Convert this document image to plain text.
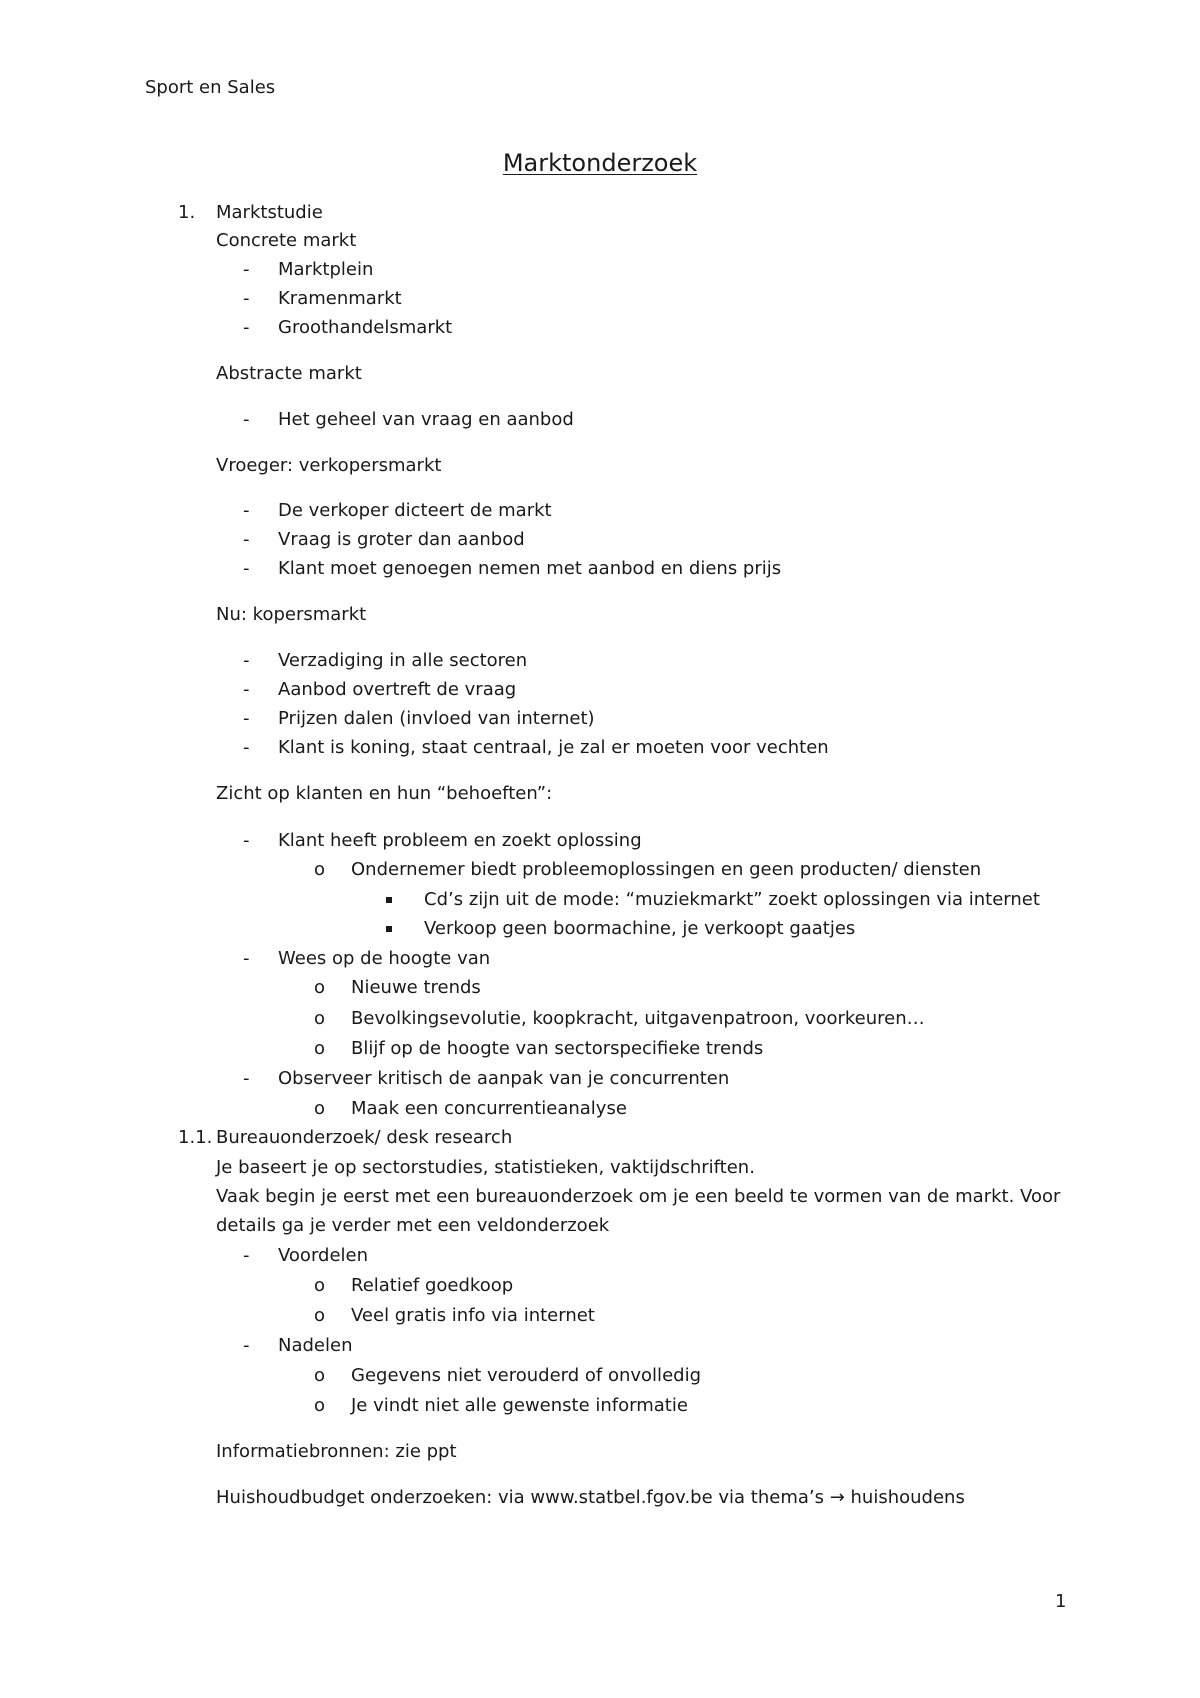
Sport en Sales
Marktonderzoek
1. Marktstudie
Concrete markt
- Marktplein
- Kramenmarkt
- Groothandelsmarkt
Abstracte markt
- Het geheel van vraag en aanbod
Vroeger: verkopersmarkt
- De verkoper dicteert de markt
- Vraag is groter dan aanbod
- Klant moet genoegen nemen met aanbod en diens prijs
Nu: kopersmarkt
- Verzadiging in alle sectoren
- Aanbod overtreft de vraag
- Prijzen dalen (invloed van internet)
- Klant is koning, staat centraal, je zal er moeten voor vechten
Zicht op klanten en hun “behoeften”:
- Klant heeft probleem en zoekt oplossing
o Ondernemer biedt probleemoplossingen en geen producten/ diensten
Cd’s zijn uit de mode: “muziekmarkt” zoekt oplossingen via internet
Verkoop geen boormachine, je verkoopt gaatjes
- Wees op de hoogte van
o Nieuwe trends
o Bevolkingsevolutie, koopkracht, uitgavenpatroon, voorkeuren…
o Blijf op de hoogte van sectorspecifieke trends
- Observeer kritisch de aanpak van je concurrenten
o Maak een concurrentieanalyse
1.1. Bureauonderzoek/ desk research
Je baseert je op sectorstudies, statistieken, vaktijdschriften.
Vaak begin je eerst met een bureauonderzoek om je een beeld te vormen van de markt. Voor
details ga je verder met een veldonderzoek
- Voordelen
o Relatief goedkoop
o Veel gratis info via internet
- Nadelen
o Gegevens niet verouderd of onvolledig
o Je vindt niet alle gewenste informatie
Informatiebronnen: zie ppt
Huishoudbudget onderzoeken: via www.statbel.fgov.be via thema’s → huishoudens
1
